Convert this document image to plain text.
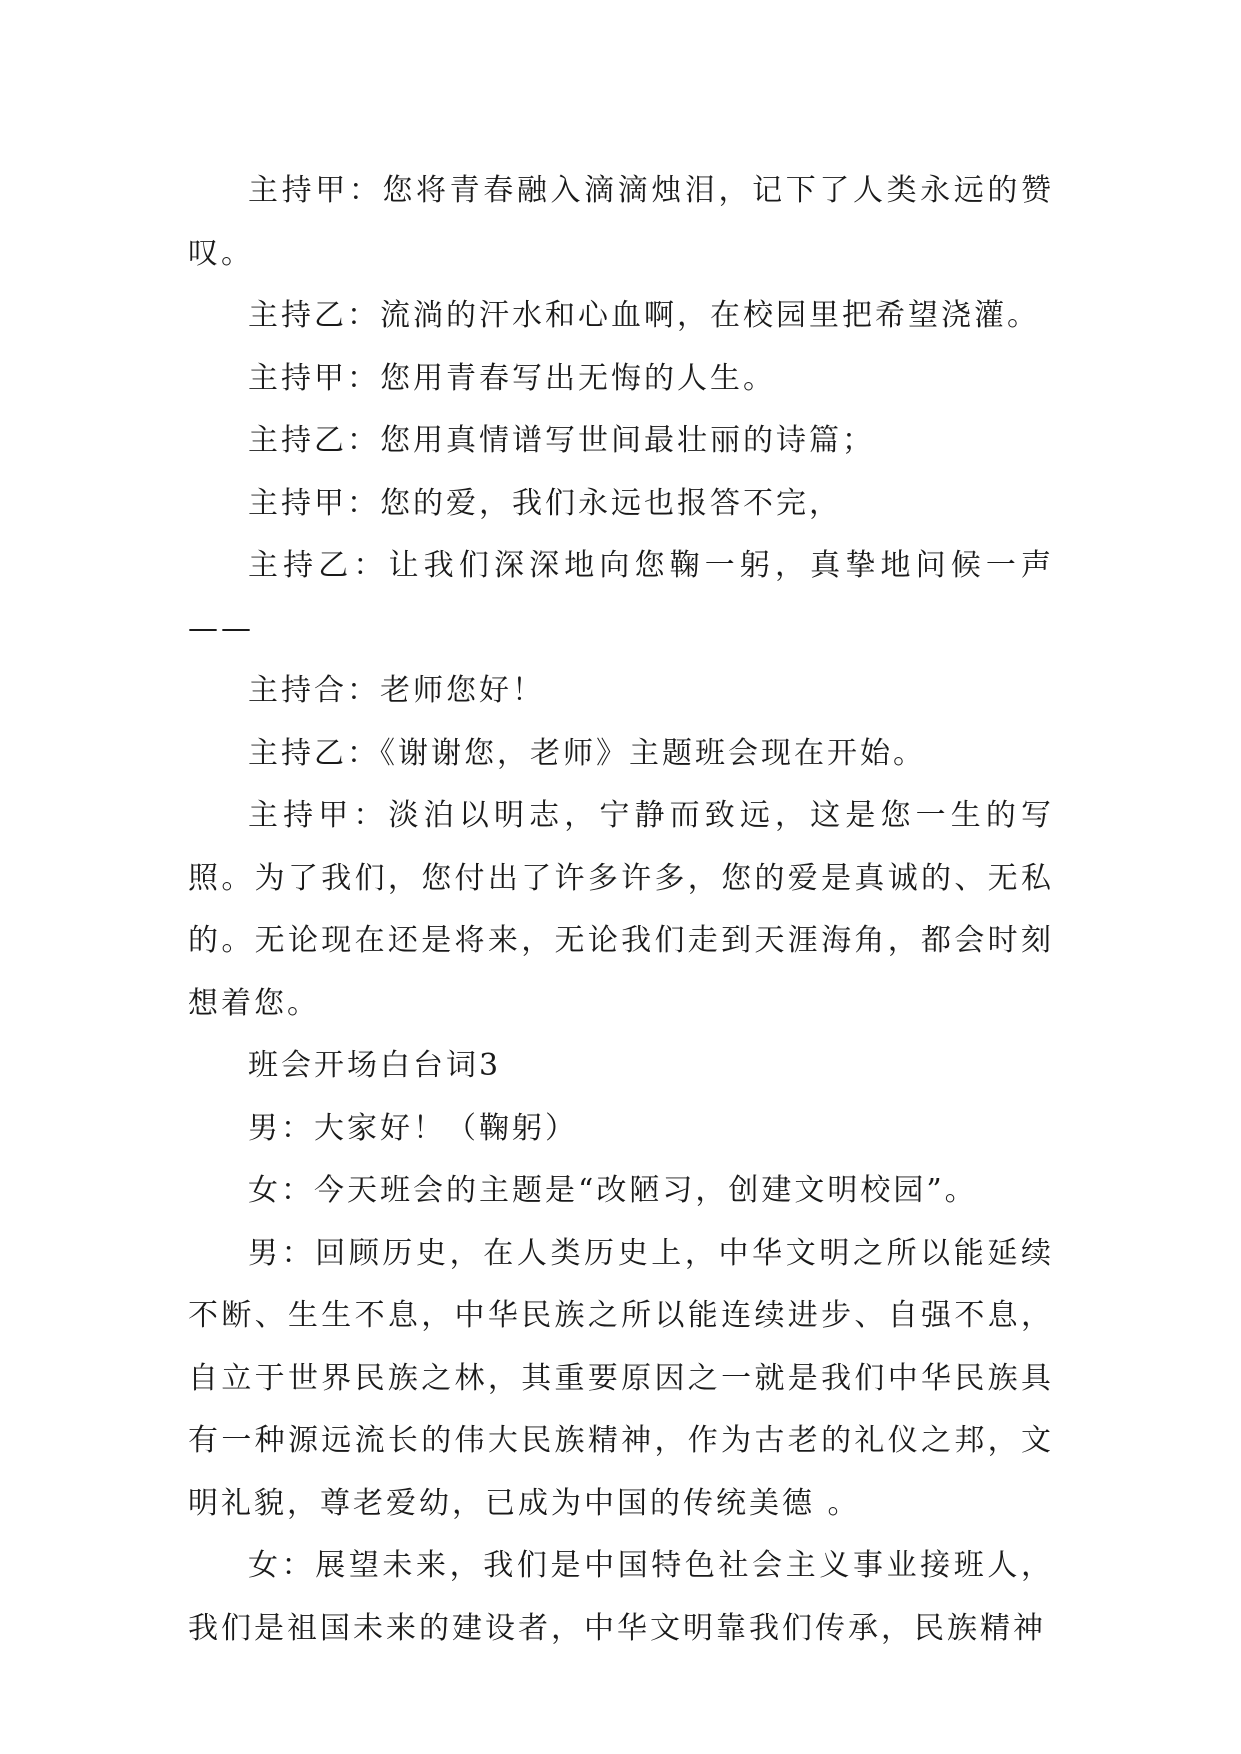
主持甲：您将青春融入滴滴烛泪，记下了人类永远的赞叹。

主持乙：流淌的汗水和心血啊，在校园里把希望浇灌。

主持甲：您用青春写出无悔的人生。

主持乙：您用真情谱写世间最壮丽的诗篇；

主持甲：您的爱，我们永远也报答不完，

主持乙：让我们深深地向您鞠一躬，真挚地问候一声——

主持合：老师您好！

主持乙：《谢谢您，老师》主题班会现在开始。

主持甲：淡泊以明志，宁静而致远，这是您一生的写照。为了我们，您付出了许多许多，您的爱是真诚的、无私的。无论现在还是将来，无论我们走到天涯海角，都会时刻想着您。

班会开场白台词3

男：大家好！（鞠躬）

女：今天班会的主题是“改陋习，创建文明校园”。

男：回顾历史，在人类历史上，中华文明之所以能延续不断、生生不息，中华民族之所以能连续进步、自强不息，自立于世界民族之林，其重要原因之一就是我们中华民族具有一种源远流长的伟大民族精神，作为古老的礼仪之邦，文明礼貌，尊老爱幼，已成为中国的传统美德 。

女：展望未来，我们是中国特色社会主义事业接班人，我们是祖国未来的建设者，中华文明靠我们传承，民族精神
